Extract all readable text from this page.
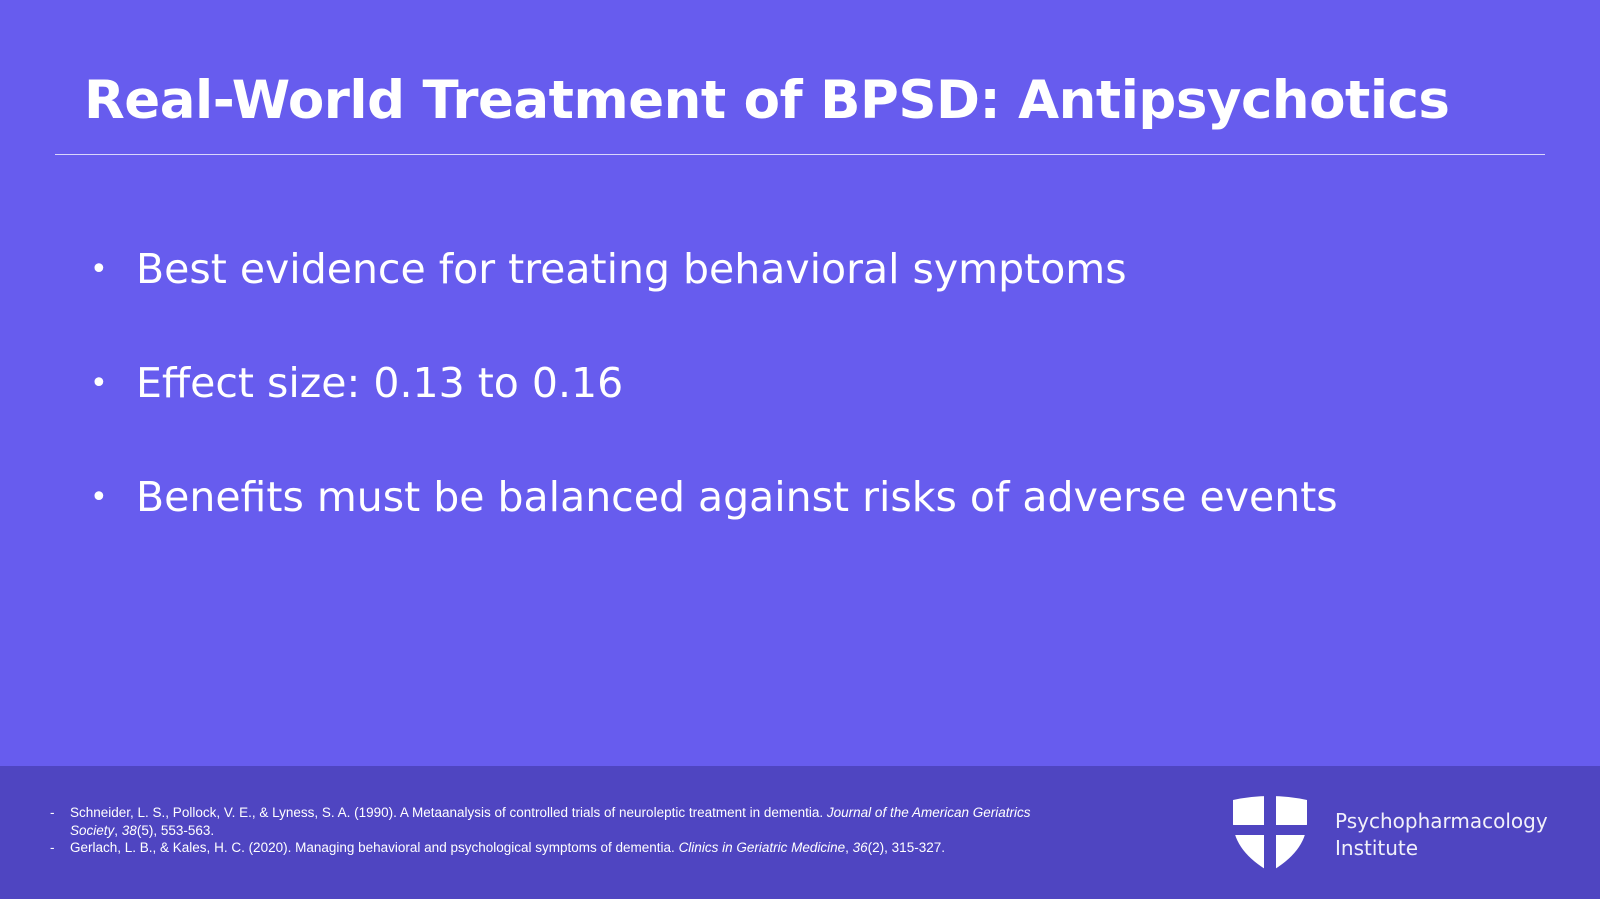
Real-World Treatment of BPSD: Antipsychotics
• Best evidence for treating behavioral symptoms
• Effect size: 0.13 to 0.16
• Benefits must be balanced against risks of adverse events
-	Schneider, L. S., Pollock, V. E., & Lyness, S. A. (1990). A Metaanalysis of controlled trials of neuroleptic treatment in dementia. Journal of the American Geriatrics Society, 38(5), 553-563.
-	Gerlach, L. B., & Kales, H. C. (2020). Managing behavioral and psychological symptoms of dementia. Clinics in Geriatric Medicine, 36(2), 315-327.
Psychopharmacology
Institute
